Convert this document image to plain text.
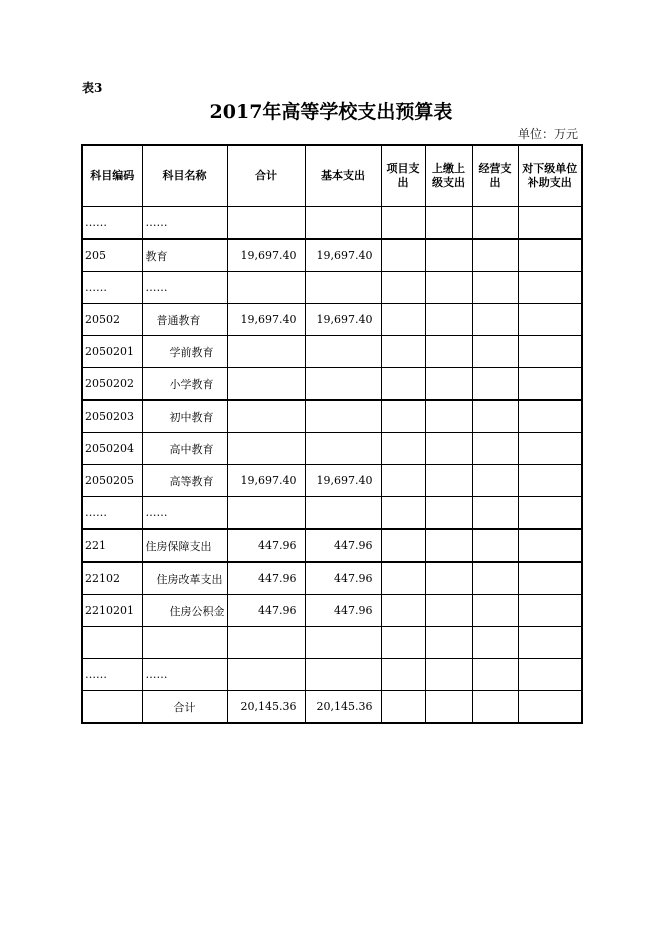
表3
2017年高等学校支出预算表
单位：万元
科目编码	科目名称	合计	基本支出	项目支出	上缴上级支出	经营支出	对下级单位补助支出
……	……						
205	教育	19,697.40	19,697.40				
……	……						
20502	普通教育	19,697.40	19,697.40				
2050201	学前教育						
2050202	小学教育						
2050203	初中教育						
2050204	高中教育						
2050205	高等教育	19,697.40	19,697.40				
……	……						
221	住房保障支出	447.96	447.96				
22102	住房改革支出	447.96	447.96				
2210201	住房公积金	447.96	447.96				

……	……						
	合计	20,145.36	20,145.36				
